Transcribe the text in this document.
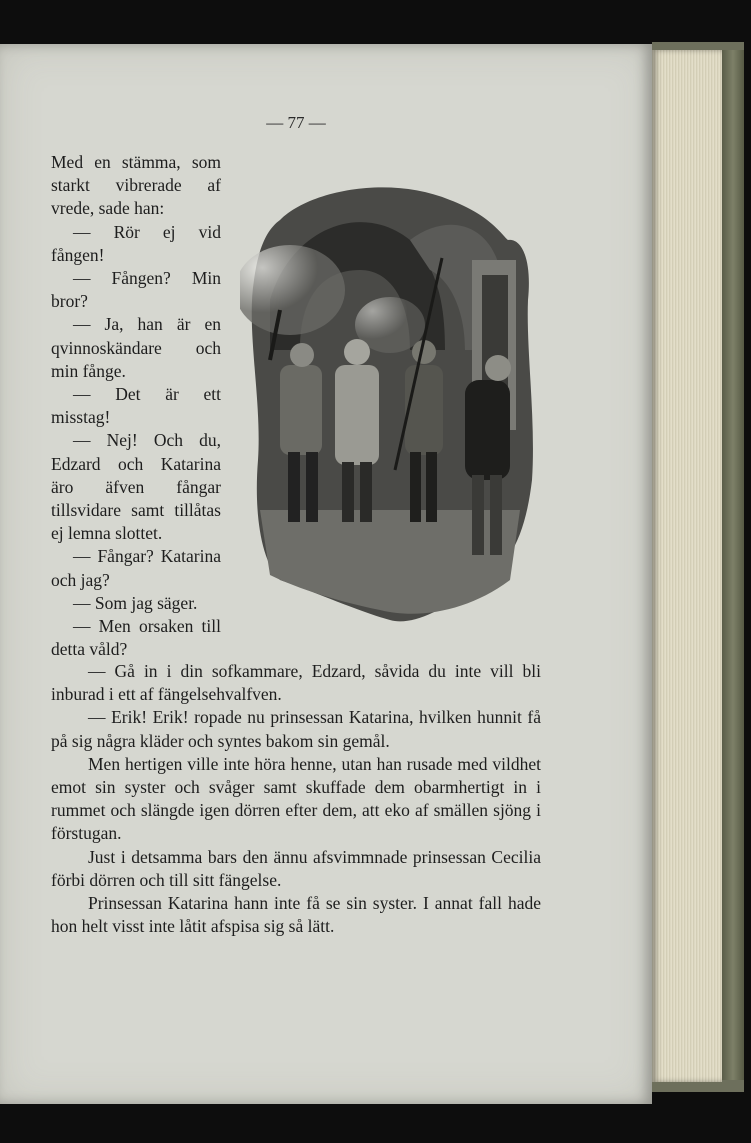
— 77 —

Med en stämma, som starkt vibrerade af vrede, sade han:

— Rör ej vid fången!

— Fången? Min bror?

— Ja, han är en qvinnoskändare och min fånge.

— Det är ett misstag!

— Nej! Och du, Edzard och Katarina äro äfven fångar tillsvidare samt tillåtas ej lemna slottet.

— Fångar? Katarina och jag?

— Som jag säger.

— Men orsaken till detta våld?

— Gå in i din sofkammare, Edzard, såvida du inte vill bli inburad i ett af fängelsehvalfven.

— Erik! Erik! ropade nu prinsessan Katarina, hvilken hunnit få på sig några kläder och syntes bakom sin gemål.

Men hertigen ville inte höra henne, utan han rusade med vildhet emot sin syster och svåger samt skuffade dem obarmhertigt in i rummet och slängde igen dörren efter dem, att eko af smällen sjöng i förstugan.

Just i detsamma bars den ännu afsvimmnade prinsessan Cecilia förbi dörren och till sitt fängelse.

Prinsessan Katarina hann inte få se sin syster. I annat fall hade hon helt visst inte låtit afspisa sig så lätt.
